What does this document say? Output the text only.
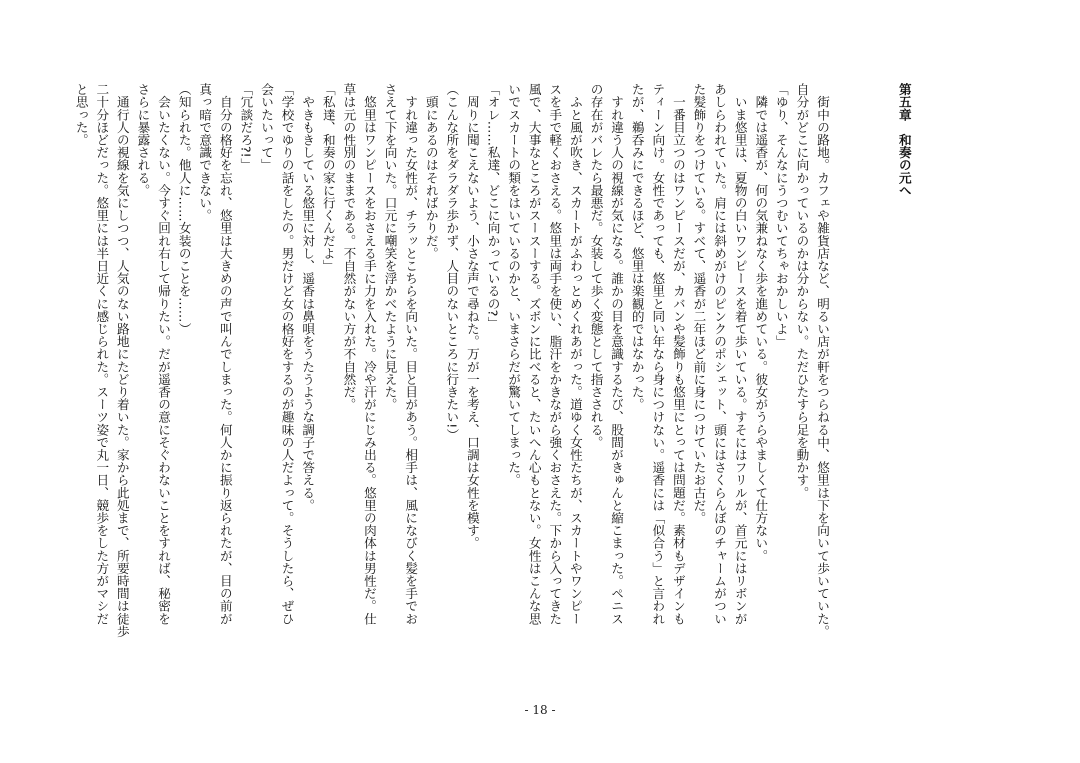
第五章　和奏の元へ

　街中の路地。カフェや雑貨店など、明るい店が軒をつらねる中、悠里は下を向いて歩いていた。
自分がどこに向かっているのかは分からない。ただひたすら足を動かす。
「ゆり、そんなにうつむいてちゃおかしいよ」
　隣では遥香が、何の気兼ねなく歩を進めている。彼女がうらやましくて仕方ない。
　いま悠里は、夏物の白いワンピースを着て歩いている。すそにはフリルが、首元にはリボンが
あしらわれていた。肩には斜めがけのピンクのポシェット、頭にはさくらんぼのチャームがつい
た髪飾りをつけている。すべて、遥香が二年ほど前に身につけていたお古だ。
　一番目立つのはワンピースだが、カバンや髪飾りも悠里にとっては問題だ。素材もデザインも
ティーン向け。女性であっても、悠里と同い年なら身につけない。遥香には「似合う」と言われ
たが、鵜呑みにできるほど、悠里は楽観的ではなかった。
　すれ違う人の視線が気になる。誰かの目を意識するたび、股間がきゅんと縮こまった。ペニス
の存在がバレたら最悪だ。女装して歩く変態として指さされる。
　ふと風が吹き、スカートがふわっとめくれあがった。道ゆく女性たちが、スカートやワンピー
スを手で軽くおさえる。悠里は両手を使い、脂汗をかきながら強くおさえた。下から入ってきた
風で、大事なところがスースーする。ズボンに比べると、たいへん心もとない。女性はこんな思
いでスカートの類をはいているのかと、いまさらだが驚いてしまった。
「オレ……私達、どこに向かっているの?」
　周りに聞こえないよう、小さな声で尋ねた。万が一を考え、口調は女性を模す。
（こんな所をダラダラ歩かず、人目のないところに行きたい!）
　頭にあるのはそればかりだ。
　すれ違った女性が、チラッとこちらを向いた。目と目があう。相手は、風になびく髪を手でお
さえて下を向いた。口元に嘲笑を浮かべたように見えた。
　悠里はワンピースをおさえる手に力を入れた。冷や汗がにじみ出る。悠里の肉体は男性だ。仕
草は元の性別のままである。不自然がない方が不自然だ。
「私達、和奏の家に行くんだよ」
　やきもきしている悠里に対し、遥香は鼻唄をうたうような調子で答える。
「学校でゆりの話をしたの。男だけど女の格好をするのが趣味の人だよって。そうしたら、ぜひ
会いたいって」
「冗談だろ?!」
　自分の格好を忘れ、悠里は大きめの声で叫んでしまった。何人かに振り返られたが、目の前が
真っ暗で意識できない。
（知られた。他人に……女装のことを……）
　会いたくない。今すぐ回れ右して帰りたい。だが遥香の意にそぐわないことをすれば、秘密を
さらに暴露される。
　通行人の視線を気にしつつ、人気のない路地にたどり着いた。家から此処まで、所要時間は徒歩
二十分ほどだった。悠里には半日近くに感じられた。スーツ姿で丸一日、競歩をした方がマシだ
と思った。
- 18 -
